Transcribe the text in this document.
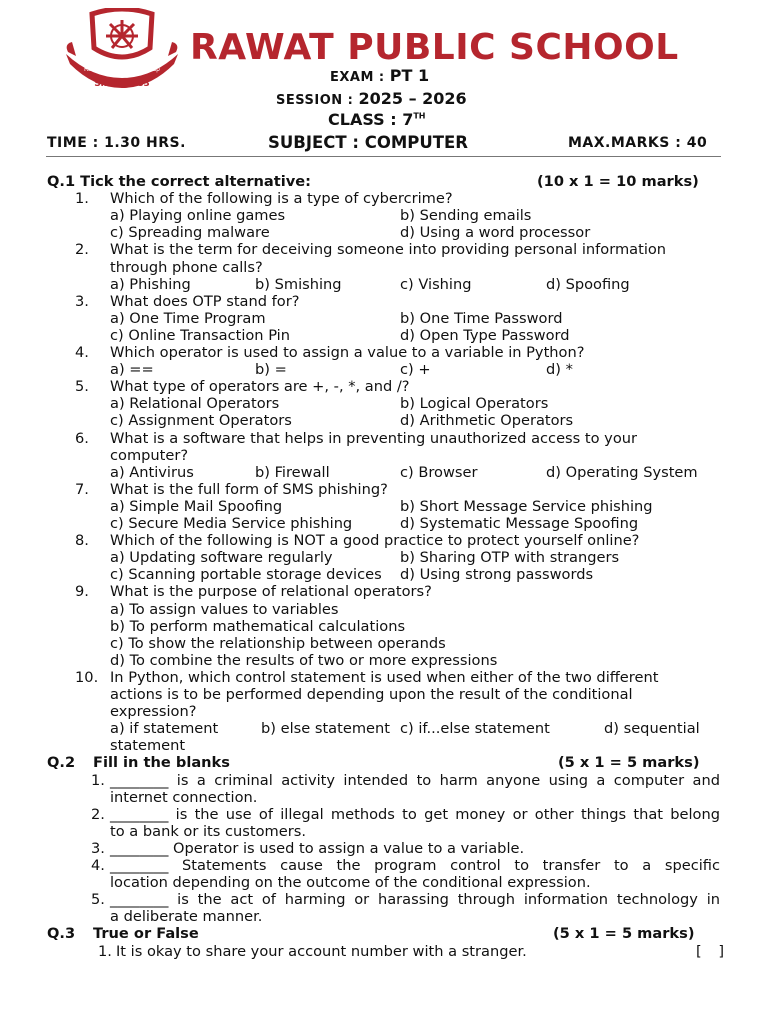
Rawat Educational Group
Since 1983
RAWAT PUBLIC SCHOOL
EXAM : PT 1
SESSION : 2025 – 2026
CLASS : 7TH
TIME : 1.30 HRS.	SUBJECT : COMPUTER	MAX.MARKS : 40
Q.1 Tick the correct alternative:	(10 x 1 = 10 marks)
1. Which of the following is a type of cybercrime?
a) Playing online games	b) Sending emails
c) Spreading malware	d) Using a word processor
2. What is the term for deceiving someone into providing personal information
through phone calls?
a) Phishing	b) Smishing	c) Vishing	d) Spoofing
3. What does OTP stand for?
a) One Time Program	b) One Time Password
c) Online Transaction Pin	d) Open Type Password
4. Which operator is used to assign a value to a variable in Python?
a) ==	b) =	c) +	d) *
5. What type of operators are +, -, *, and /?
a) Relational Operators	b) Logical Operators
c) Assignment Operators	d) Arithmetic Operators
6. What is a software that helps in preventing unauthorized access to your
computer?
a) Antivirus	b) Firewall	c) Browser	d) Operating System
7. What is the full form of SMS phishing?
a) Simple Mail Spoofing	b) Short Message Service phishing
c) Secure Media Service phishing	d) Systematic Message Spoofing
8. Which of the following is NOT a good practice to protect yourself online?
a) Updating software regularly	b) Sharing OTP with strangers
c) Scanning portable storage devices d) Using strong passwords
9. What is the purpose of relational operators?
a) To assign values to variables
b) To perform mathematical calculations
c) To show the relationship between operands
d) To combine the results of two or more expressions
10. In Python, which control statement is used when either of the two different
actions is to be performed depending upon the result of the conditional
expression?
a) if statement	b) else statement c) if...else statement	d) sequential
statement
Q.2 Fill in the blanks	(5 x 1 = 5 marks)
1. ________ is a criminal activity intended to harm anyone using a computer and
internet connection.
2. ________ is the use of illegal methods to get money or other things that belong
to a bank or its customers.
3. ________ Operator is used to assign a value to a variable.
4. ________ Statements cause the program control to transfer to a specific
location depending on the outcome of the conditional expression.
5. ________ is the act of harming or harassing through information technology in
a deliberate manner.
Q.3 True or False	(5 x 1 = 5 marks)
1. It is okay to share your account number with a stranger.	[ ]
